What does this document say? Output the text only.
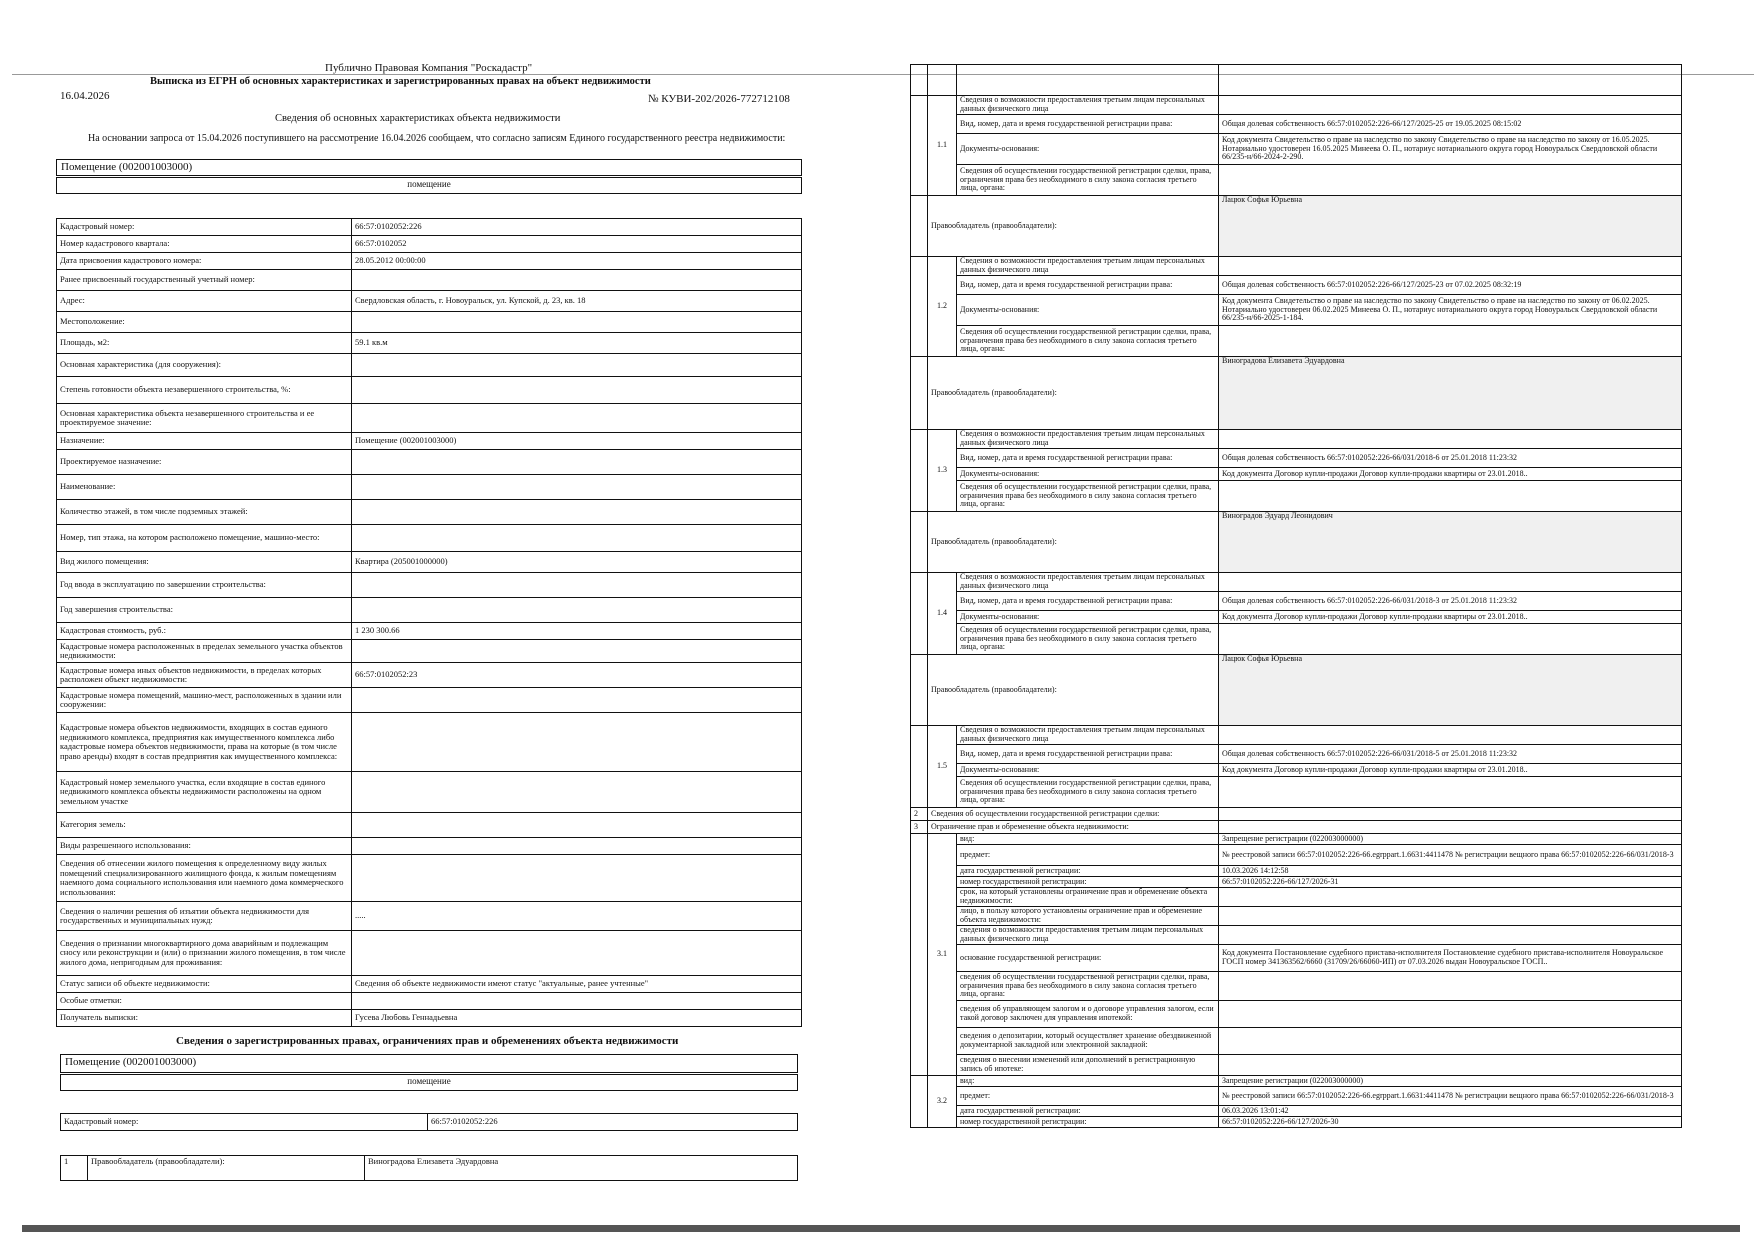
Публично Правовая Компания "Роскадастр"
Выписка из ЕГРН об основных характеристиках и зарегистрированных правах на объект недвижимости
16.04.2026	№ КУВИ-202/2026-772712108
Сведения об основных характеристиках объекта недвижимости
На основании запроса от 15.04.2026 поступившего на рассмотрение 16.04.2026 сообщаем, что согласно записям Единого государственного реестра недвижимости:
Помещение (002001003000)
помещение
Кадастровый номер:	66:57:0102052:226
Номер кадастрового квартала:	66:57:0102052
Дата присвоения кадастрового номера:	28.05.2012 00:00:00
Ранее присвоенный государственный учетный номер:	
Адрес:	Свердловская область, г. Новоуральск, ул. Купской, д. 23, кв. 18
Местоположение:	
Площадь, м2:	59.1 кв.м
Основная характеристика (для сооружения):	
Степень готовности объекта незавершенного строительства, %:	
Основная характеристика объекта незавершенного строительства и ее проектируемое значение:	
Назначение:	Помещение (002001003000)
Проектируемое назначение:	
Наименование:	
Количество этажей, в том числе подземных этажей:	
Номер, тип этажа, на котором расположено помещение, машино-место:	
Вид жилого помещения:	Квартира (205001000000)
Год ввода в эксплуатацию по завершении строительства:	
Год завершения строительства:	
Кадастровая стоимость, руб.:	1 230 300.66
Кадастровые номера расположенных в пределах земельного участка объектов недвижимости:	
Кадастровые номера иных объектов недвижимости, в пределах которых расположен объект недвижимости:	66:57:0102052:23
Кадастровые номера помещений, машино-мест, расположенных в здании или сооружении:	
Кадастровые номера объектов недвижимости, входящих в состав единого недвижимого комплекса, предприятия как имущественного комплекса либо кадастровые номера объектов недвижимости, права на которые (в том числе право аренды) входят в состав предприятия как имущественного комплекса:	
Кадастровый номер земельного участка, если входящие в состав единого недвижимого комплекса объекты недвижимости расположены на одном земельном участке	
Категория земель:	
Виды разрешенного использования:	
Сведения об отнесении жилого помещения к определенному виду жилых помещений специализированного жилищного фонда, к жилым помещениям наемного дома социального использования или наемного дома коммерческого использования:	
Сведения о наличии решения об изъятии объекта недвижимости для государственных и муниципальных нужд:	.....
Сведения о признании многоквартирного дома аварийным и подлежащим сносу или реконструкции и (или) о признании жилого помещения, в том числе жилого дома, непригодным для проживания:	
Статус записи об объекте недвижимости:	Сведения об объекте недвижимости имеют статус "актуальные, ранее учтенные"
Особые отметки:	
Получатель выписки:	Гусева Любовь Геннадьевна
Сведения о зарегистрированных правах, ограничениях прав и обременениях объекта недвижимости
Помещение (002001003000)
помещение
Кадастровый номер:	66:57:0102052:226
1	Правообладатель (правообладатели):	Виноградова Елизавета Эдуардовна

	1.1	Сведения о возможности предоставления третьим лицам персональных данных физического лица	
		Вид, номер, дата и время государственной регистрации права:	Общая долевая собственность 66:57:0102052:226-66/127/2025-25 от 19.05.2025 08:15:02
		Документы-основания:	Код документа Свидетельство о праве на наследство по закону Свидетельство о праве на наследство по закону от 16.05.2025. Нотариально удостоверен 16.05.2025 Минеева О. П., нотариус нотариального округа город Новоуральск Свердловской области 66/235-н/66-2024-2-290.
		Сведения об осуществлении государственной регистрации сделки, права, ограничения права без необходимого в силу закона согласия третьего лица, органа:	
	Правообладатель (правообладатели):		Лацюк Софья Юрьевна
	1.2	Сведения о возможности предоставления третьим лицам персональных данных физического лица	
		Вид, номер, дата и время государственной регистрации права:	Общая долевая собственность 66:57:0102052:226-66/127/2025-23 от 07.02.2025 08:32:19
		Документы-основания:	Код документа Свидетельство о праве на наследство по закону Свидетельство о праве на наследство по закону от 06.02.2025. Нотариально удостоверен 06.02.2025 Минеева О. П., нотариус нотариального округа город Новоуральск Свердловской области 66/235-н/66-2025-1-184.
		Сведения об осуществлении государственной регистрации сделки, права, ограничения права без необходимого в силу закона согласия третьего лица, органа:	
	Правообладатель (правообладатели):		Виноградова Елизавета Эдуардовна
	1.3	Сведения о возможности предоставления третьим лицам персональных данных физического лица	
		Вид, номер, дата и время государственной регистрации права:	Общая долевая собственность 66:57:0102052:226-66/031/2018-6 от 25.01.2018 11:23:32
		Документы-основания:	Код документа Договор купли-продажи Договор купли-продажи квартиры от 23.01.2018..
		Сведения об осуществлении государственной регистрации сделки, права, ограничения права без необходимого в силу закона согласия третьего лица, органа:	
	Правообладатель (правообладатели):		Виноградов Эдуард Леонидович
	1.4	Сведения о возможности предоставления третьим лицам персональных данных физического лица	
		Вид, номер, дата и время государственной регистрации права:	Общая долевая собственность 66:57:0102052:226-66/031/2018-3 от 25.01.2018 11:23:32
		Документы-основания:	Код документа Договор купли-продажи Договор купли-продажи квартиры от 23.01.2018..
		Сведения об осуществлении государственной регистрации сделки, права, ограничения права без необходимого в силу закона согласия третьего лица, органа:	
	Правообладатель (правообладатели):		Лацюк Софья Юрьевна
	1.5	Сведения о возможности предоставления третьим лицам персональных данных физического лица	
		Вид, номер, дата и время государственной регистрации права:	Общая долевая собственность 66:57:0102052:226-66/031/2018-5 от 25.01.2018 11:23:32
		Документы-основания:	Код документа Договор купли-продажи Договор купли-продажи квартиры от 23.01.2018..
		Сведения об осуществлении государственной регистрации сделки, права, ограничения права без необходимого в силу закона согласия третьего лица, органа:	
2	Сведения об осуществлении государственной регистрации сделки:		
3	Ограничение прав и обременение объекта недвижимости:		
	3.1	вид:	Запрещение регистрации (022003000000)
		предмет:	№ реестровой записи 66:57:0102052:226-66.egrppart.1.6631:4411478 № регистрации вещного права 66:57:0102052:226-66/031/2018-3
		дата государственной регистрации:	10.03.2026 14:12:58
		номер государственной регистрации:	66:57:0102052:226-66/127/2026-31
		срок, на который установлены ограничение прав и обременение объекта недвижимости:	
		лицо, в пользу которого установлены ограничение прав и обременение объекта недвижимости:	
		сведения о возможности предоставления третьим лицам персональных данных физического лица	
		основание государственной регистрации:	Код документа Постановление судебного пристава-исполнителя Постановление судебного пристава-исполнителя Новоуральское ГОСП номер 341363562/6660 (31709/26/66060-ИП) от 07.03.2026 выдан Новоуральское ГОСП..
		сведения об осуществлении государственной регистрации сделки, права, ограничения права без необходимого в силу закона согласия третьего лица, органа:	
		сведения об управляющем залогом и о договоре управления залогом, если такой договор заключен для управления ипотекой:	
		сведения о депозитарии, который осуществляет хранение обездвиженной документарной закладной или электронной закладной:	
		сведения о внесении изменений или дополнений в регистрационную запись об ипотеке:	
	3.2	вид:	Запрещение регистрации (022003000000)
		предмет:	№ реестровой записи 66:57:0102052:226-66.egrppart.1.6631:4411478 № регистрации вещного права 66:57:0102052:226-66/031/2018-3
		дата государственной регистрации:	06.03.2026 13:01:42
		номер государственной регистрации:	66:57:0102052:226-66/127/2026-30
